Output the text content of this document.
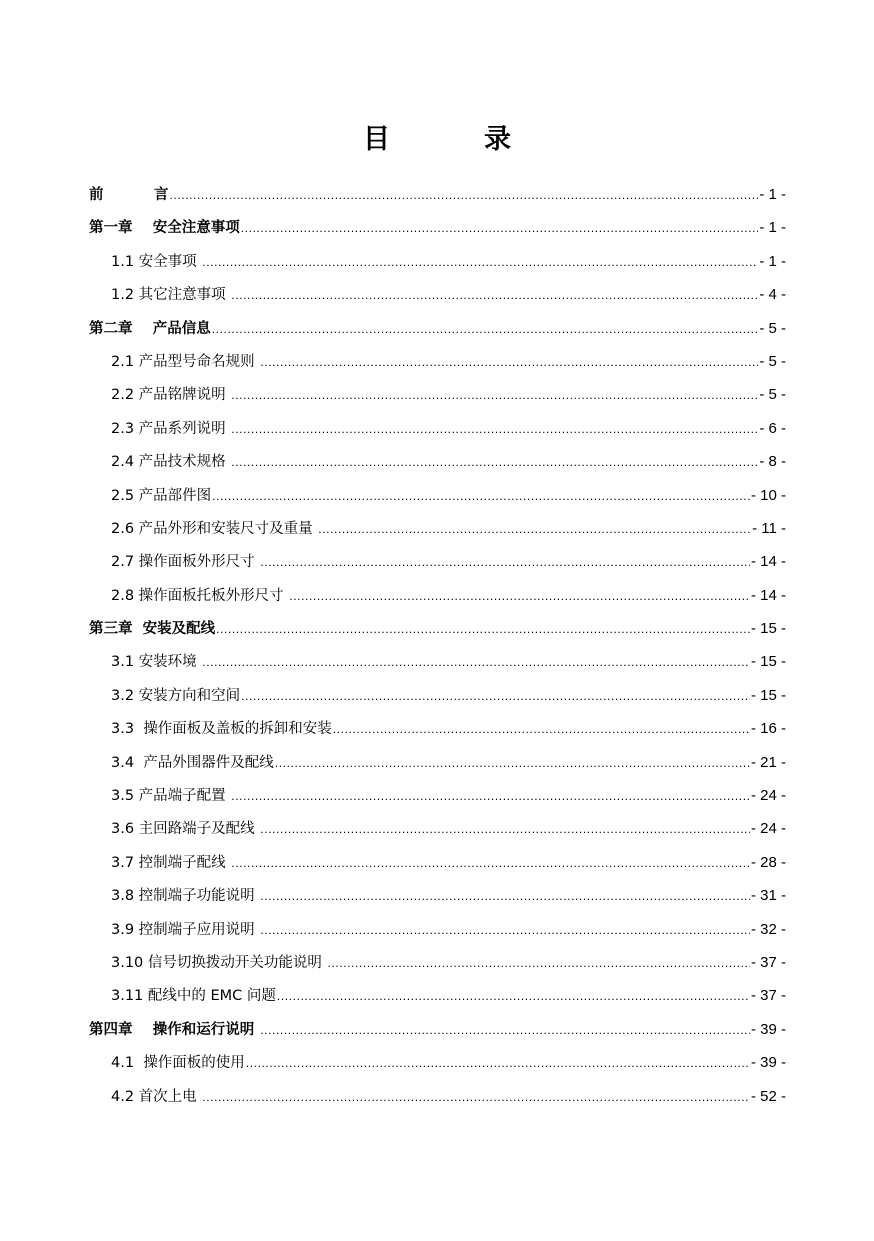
目          录
前          言 .....	- 1 -
第一章    安全注意事项 .....	- 1 -
1.1 安全事项 .....	- 1 -
1.2 其它注意事项 .....	- 4 -
第二章    产品信息 .....	- 5 -
2.1 产品型号命名规则 .....	- 5 -
2.2 产品铭牌说明 .....	- 5 -
2.3 产品系列说明 .....	- 6 -
2.4 产品技术规格 .....	- 8 -
2.5 产品部件图 .....	- 10 -
2.6 产品外形和安装尺寸及重量 .....	- 11 -
2.7 操作面板外形尺寸 .....	- 14 -
2.8 操作面板托板外形尺寸 .....	- 14 -
第三章  安装及配线 .....	- 15 -
3.1 安装环境 .....	- 15 -
3.2 安装方向和空间 .....	- 15 -
3.3  操作面板及盖板的拆卸和安装 .....	- 16 -
3.4  产品外围器件及配线 .....	- 21 -
3.5 产品端子配置 .....	- 24 -
3.6 主回路端子及配线 .....	- 24 -
3.7 控制端子配线 .....	- 28 -
3.8 控制端子功能说明 .....	- 31 -
3.9 控制端子应用说明 .....	- 32 -
3.10 信号切换拨动开关功能说明 .....	- 37 -
3.11 配线中的 EMC 问题 .....	- 37 -
第四章    操作和运行说明 .....	- 39 -
4.1  操作面板的使用 .....	- 39 -
4.2 首次上电 .....	- 52 -
